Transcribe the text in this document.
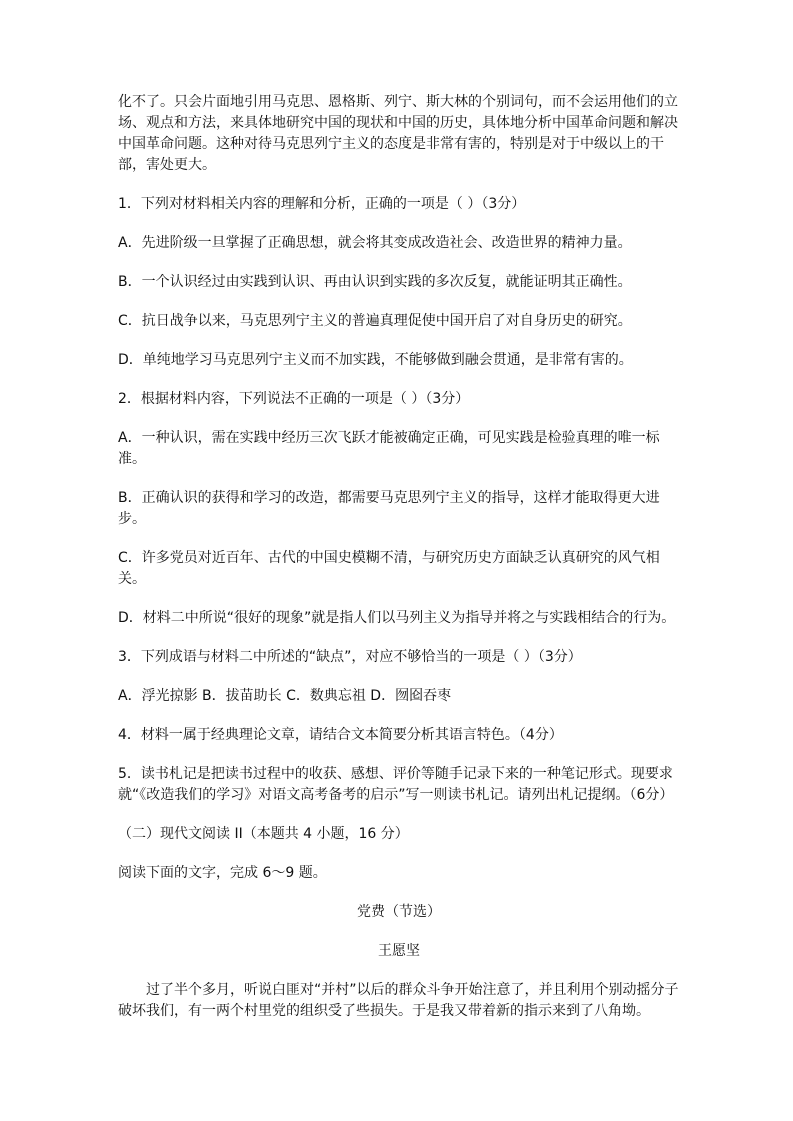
化不了。只会片面地引用马克思、恩格斯、列宁、斯大林的个别词句，而不会运用他们的立场、观点和方法，来具体地研究中国的现状和中国的历史，具体地分析中国革命问题和解决中国革命问题。这种对待马克思列宁主义的态度是非常有害的，特别是对于中级以上的干部，害处更大。

1．下列对材料相关内容的理解和分析，正确的一项是（ ）（3分）

A．先进阶级一旦掌握了正确思想，就会将其变成改造社会、改造世界的精神力量。

B．一个认识经过由实践到认识、再由认识到实践的多次反复，就能证明其正确性。

C．抗日战争以来，马克思列宁主义的普遍真理促使中国开启了对自身历史的研究。

D．单纯地学习马克思列宁主义而不加实践，不能够做到融会贯通，是非常有害的。

2．根据材料内容，下列说法不正确的一项是（ ）（3分）

A．一种认识，需在实践中经历三次飞跃才能被确定正确，可见实践是检验真理的唯一标准。

B．正确认识的获得和学习的改造，都需要马克思列宁主义的指导，这样才能取得更大进步。

C．许多党员对近百年、古代的中国史模糊不清，与研究历史方面缺乏认真研究的风气相关。

D．材料二中所说“很好的现象”就是指人们以马列主义为指导并将之与实践相结合的行为。

3．下列成语与材料二中所述的“缺点”，对应不够恰当的一项是（ ）（3分）

A．浮光掠影 B．拔苗助长 C．数典忘祖 D．囫囵吞枣

4．材料一属于经典理论文章，请结合文本简要分析其语言特色。（4分）

5．读书札记是把读书过程中的收获、感想、评价等随手记录下来的一种笔记形式。现要求就“《改造我们的学习》对语文高考备考的启示”写一则读书札记。请列出札记提纲。（6分）

（二）现代文阅读 II（本题共 4 小题，16 分）

阅读下面的文字，完成 6～9 题。

党费（节选）

王愿坚

过了半个多月，听说白匪对“并村”以后的群众斗争开始注意了，并且利用个别动摇分子破坏我们，有一两个村里党的组织受了些损失。于是我又带着新的指示来到了八角坳。
